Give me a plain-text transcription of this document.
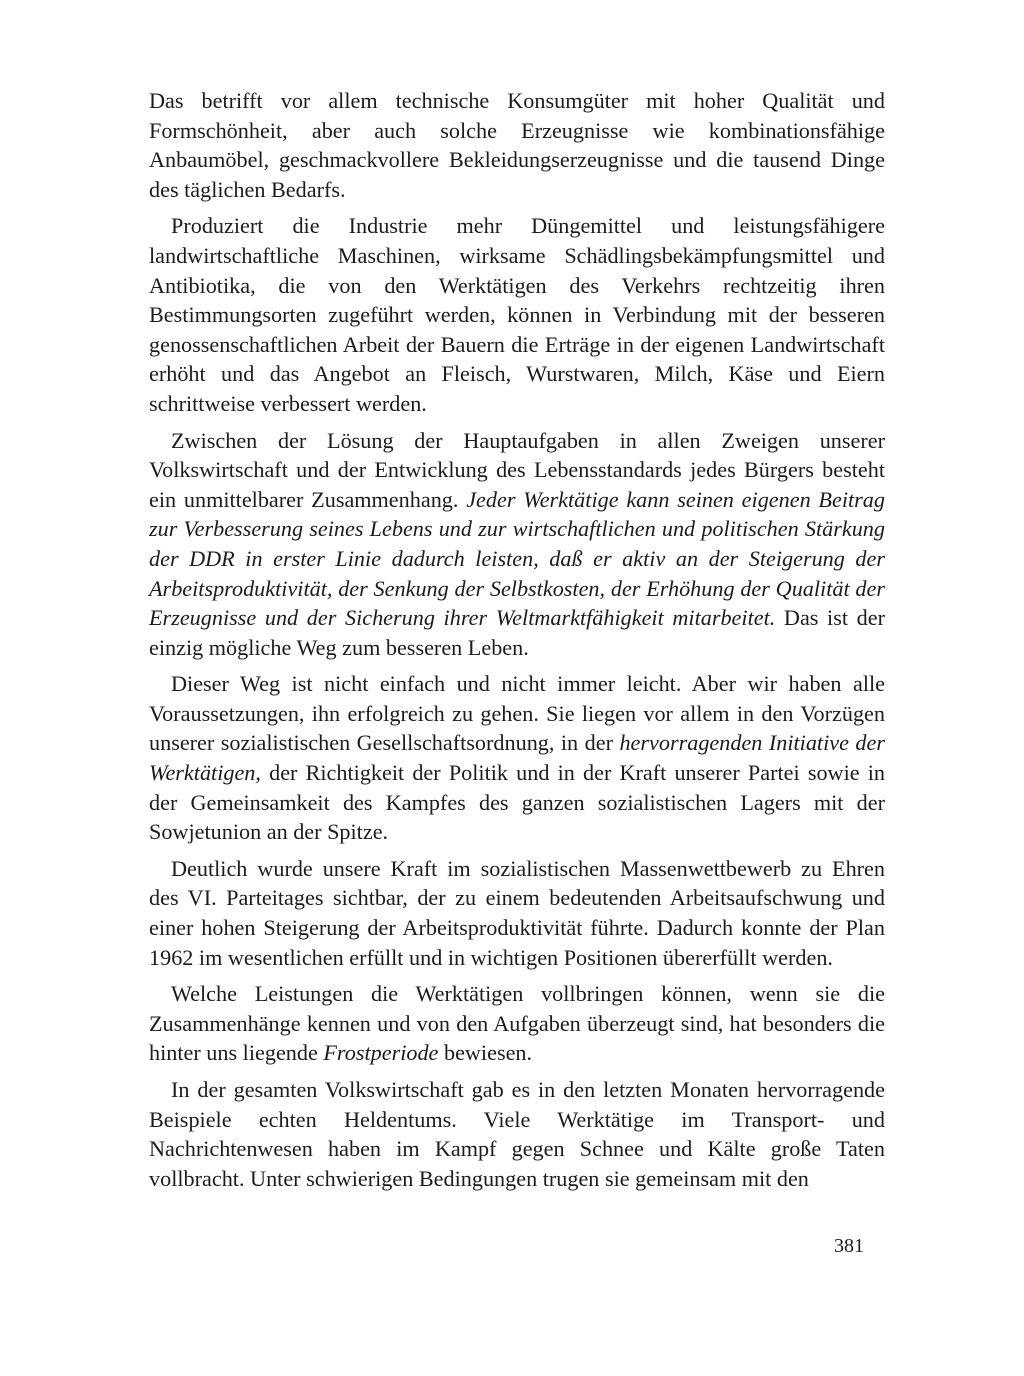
Das betrifft vor allem technische Konsumgüter mit hoher Qualität und Formschönheit, aber auch solche Erzeugnisse wie kombinationsfähige Anbaumöbel, geschmackvollere Bekleidungserzeugnisse und die tausend Dinge des täglichen Bedarfs.

Produziert die Industrie mehr Düngemittel und leistungsfähigere landwirtschaftliche Maschinen, wirksame Schädlingsbekämpfungsmittel und Antibiotika, die von den Werktätigen des Verkehrs rechtzeitig ihren Bestimmungsorten zugeführt werden, können in Verbindung mit der besseren genossenschaftlichen Arbeit der Bauern die Erträge in der eigenen Landwirtschaft erhöht und das Angebot an Fleisch, Wurstwaren, Milch, Käse und Eiern schrittweise verbessert werden.

Zwischen der Lösung der Hauptaufgaben in allen Zweigen unserer Volkswirtschaft und der Entwicklung des Lebensstandards jedes Bürgers besteht ein unmittelbarer Zusammenhang. Jeder Werktätige kann seinen eigenen Beitrag zur Verbesserung seines Lebens und zur wirtschaftlichen und politischen Stärkung der DDR in erster Linie dadurch leisten, daß er aktiv an der Steigerung der Arbeitsproduktivität, der Senkung der Selbstkosten, der Erhöhung der Qualität der Erzeugnisse und der Sicherung ihrer Weltmarktfähigkeit mitarbeitet. Das ist der einzig mögliche Weg zum besseren Leben.

Dieser Weg ist nicht einfach und nicht immer leicht. Aber wir haben alle Voraussetzungen, ihn erfolgreich zu gehen. Sie liegen vor allem in den Vorzügen unserer sozialistischen Gesellschaftsordnung, in der hervorragenden Initiative der Werktätigen, der Richtigkeit der Politik und in der Kraft unserer Partei sowie in der Gemeinsamkeit des Kampfes des ganzen sozialistischen Lagers mit der Sowjetunion an der Spitze.

Deutlich wurde unsere Kraft im sozialistischen Massenwettbewerb zu Ehren des VI. Parteitages sichtbar, der zu einem bedeutenden Arbeitsaufschwung und einer hohen Steigerung der Arbeitsproduktivität führte. Dadurch konnte der Plan 1962 im wesentlichen erfüllt und in wichtigen Positionen übererfüllt werden.

Welche Leistungen die Werktätigen vollbringen können, wenn sie die Zusammenhänge kennen und von den Aufgaben überzeugt sind, hat besonders die hinter uns liegende Frostperiode bewiesen.

In der gesamten Volkswirtschaft gab es in den letzten Monaten hervorragende Beispiele echten Heldentums. Viele Werktätige im Transport- und Nachrichtenwesen haben im Kampf gegen Schnee und Kälte große Taten vollbracht. Unter schwierigen Bedingungen trugen sie gemeinsam mit den

381
